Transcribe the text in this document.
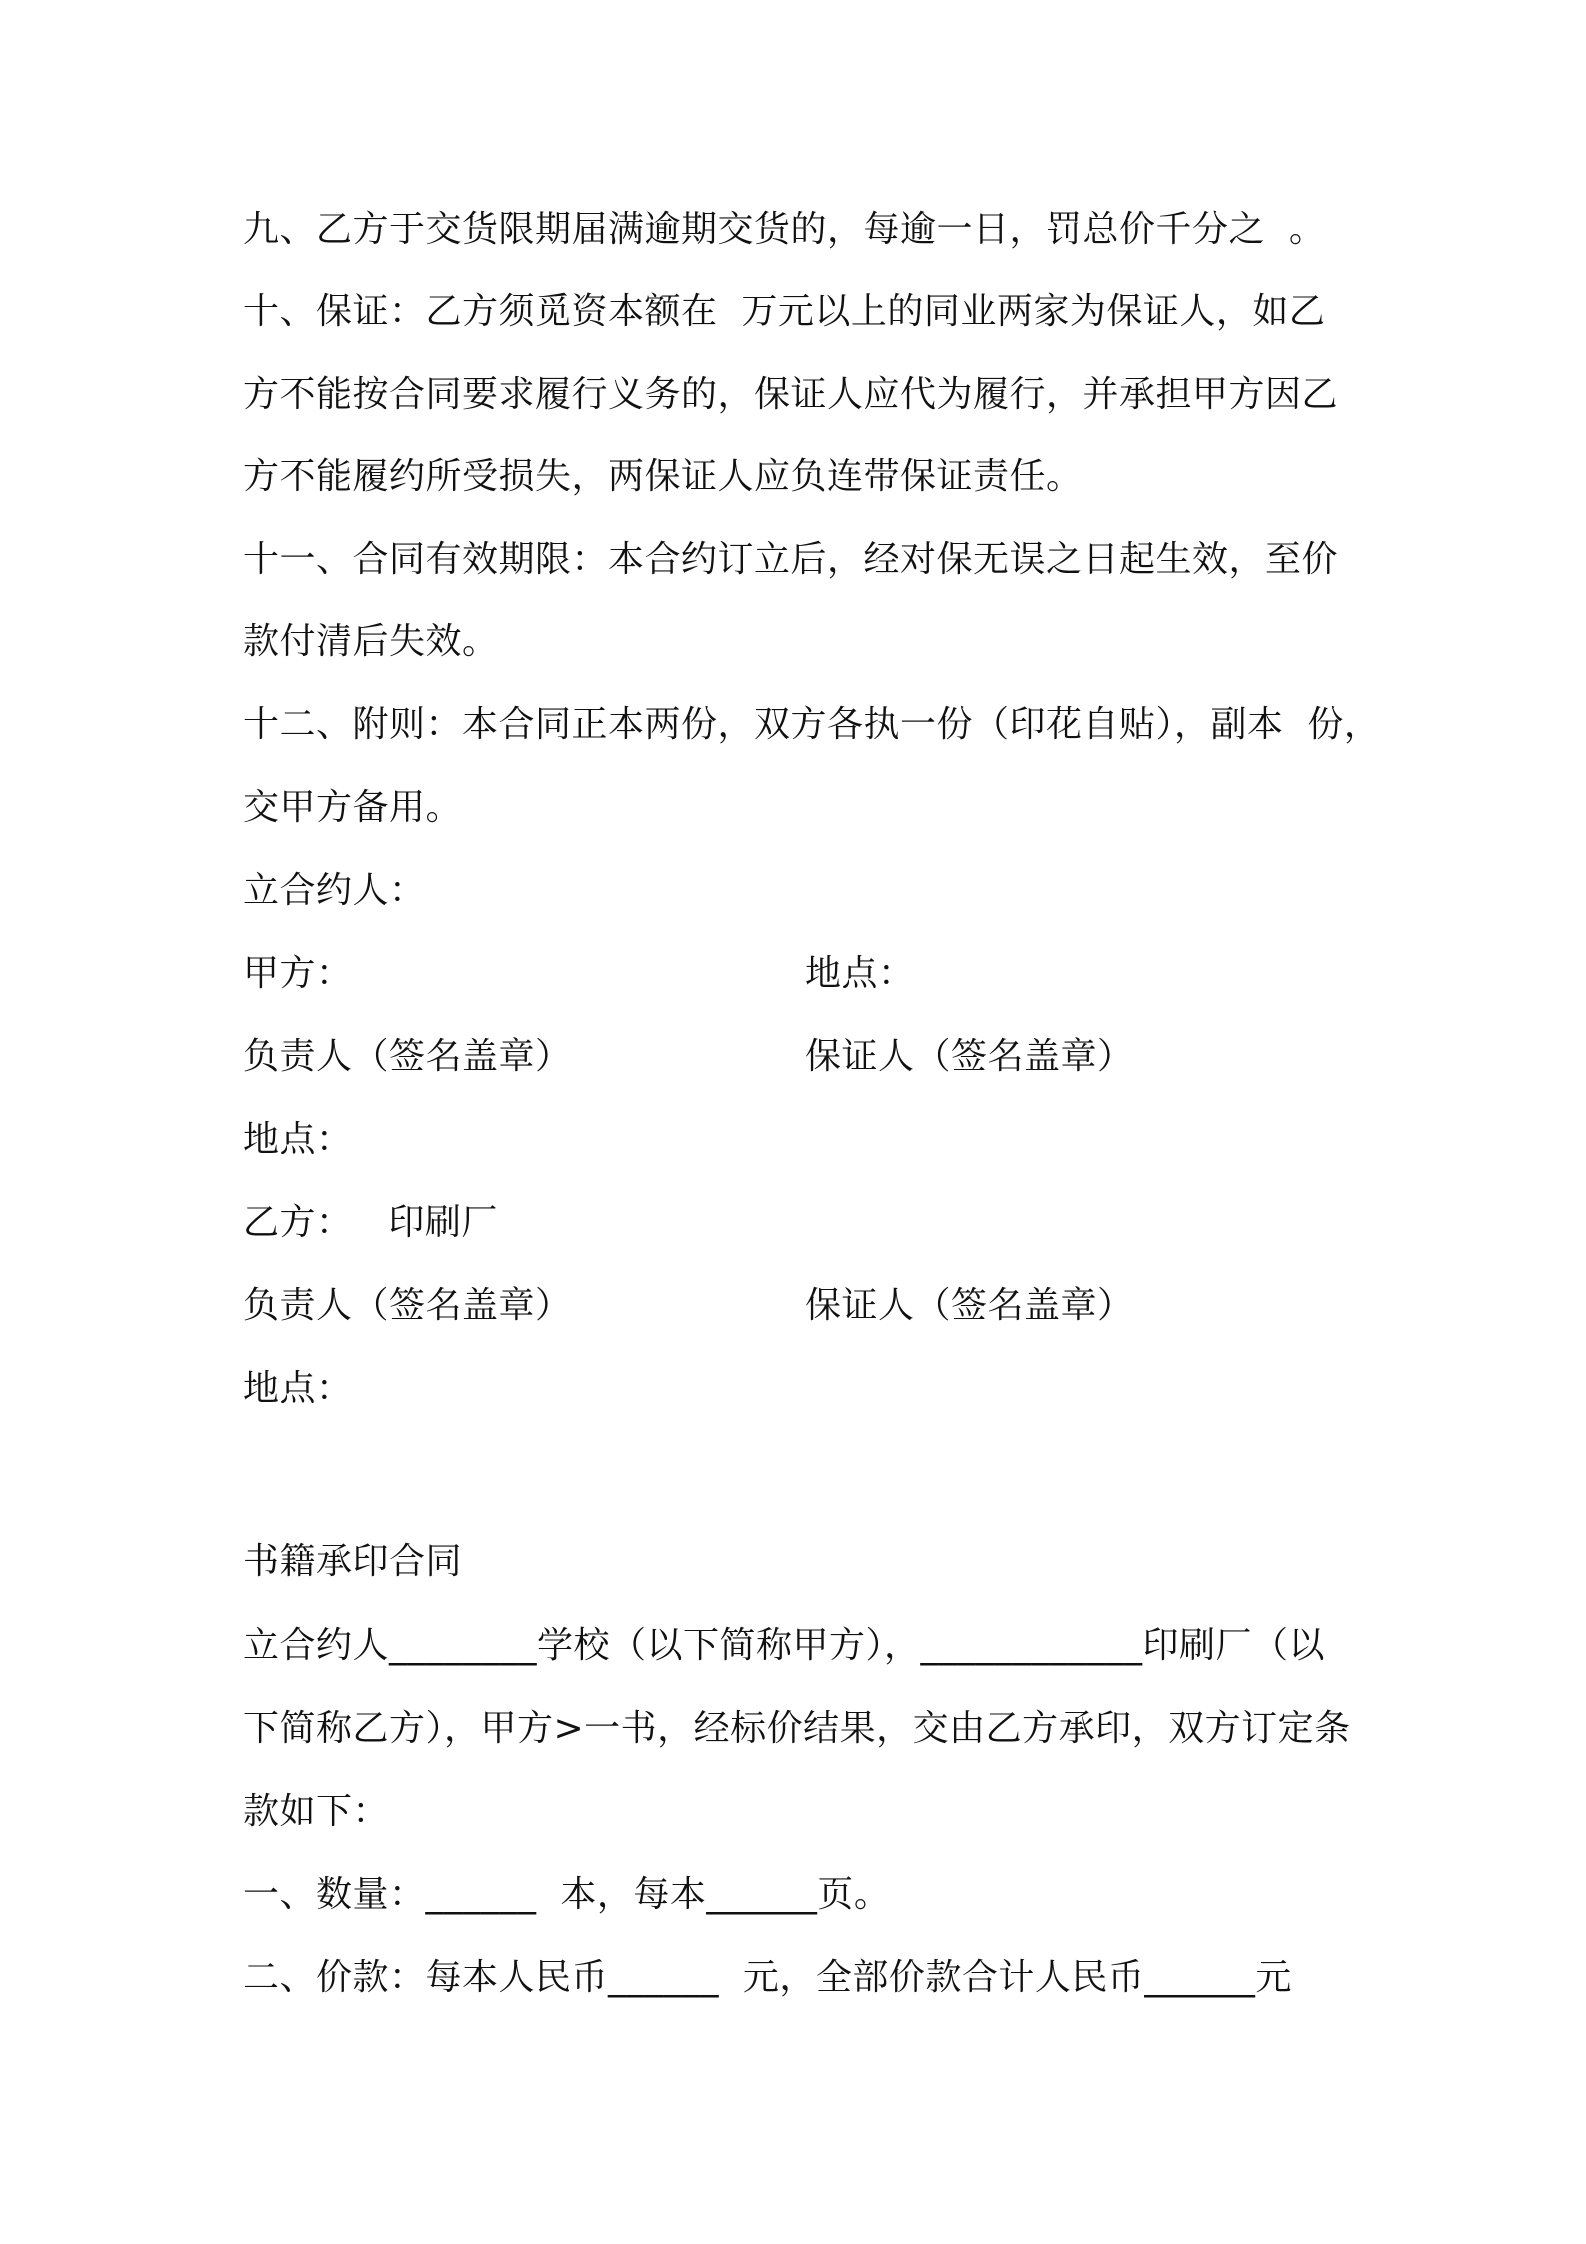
九、乙方于交货限期届满逾期交货的，每逾一日，罚总价千分之  。
十、保证：乙方须觅资本额在  万元以上的同业两家为保证人，如乙
方不能按合同要求履行义务的，保证人应代为履行，并承担甲方因乙
方不能履约所受损失，两保证人应负连带保证责任。
十一、合同有效期限：本合约订立后，经对保无误之日起生效，至价
款付清后失效。
十二、附则：本合同正本两份，双方各执一份（印花自贴），副本  份，
交甲方备用。
立合约人：
甲方：	地点：
负责人（签名盖章）	保证人（签名盖章）
地点：
乙方：   印刷厂
负责人（签名盖章）	保证人（签名盖章）
地点：
书籍承印合同
立合约人________学校（以下简称甲方），____________印刷厂（以
下简称乙方），甲方>一书，经标价结果，交由乙方承印，双方订定条
款如下：
一、数量：______  本，每本______页。
二、价款：每本人民币______  元，全部价款合计人民币______元
